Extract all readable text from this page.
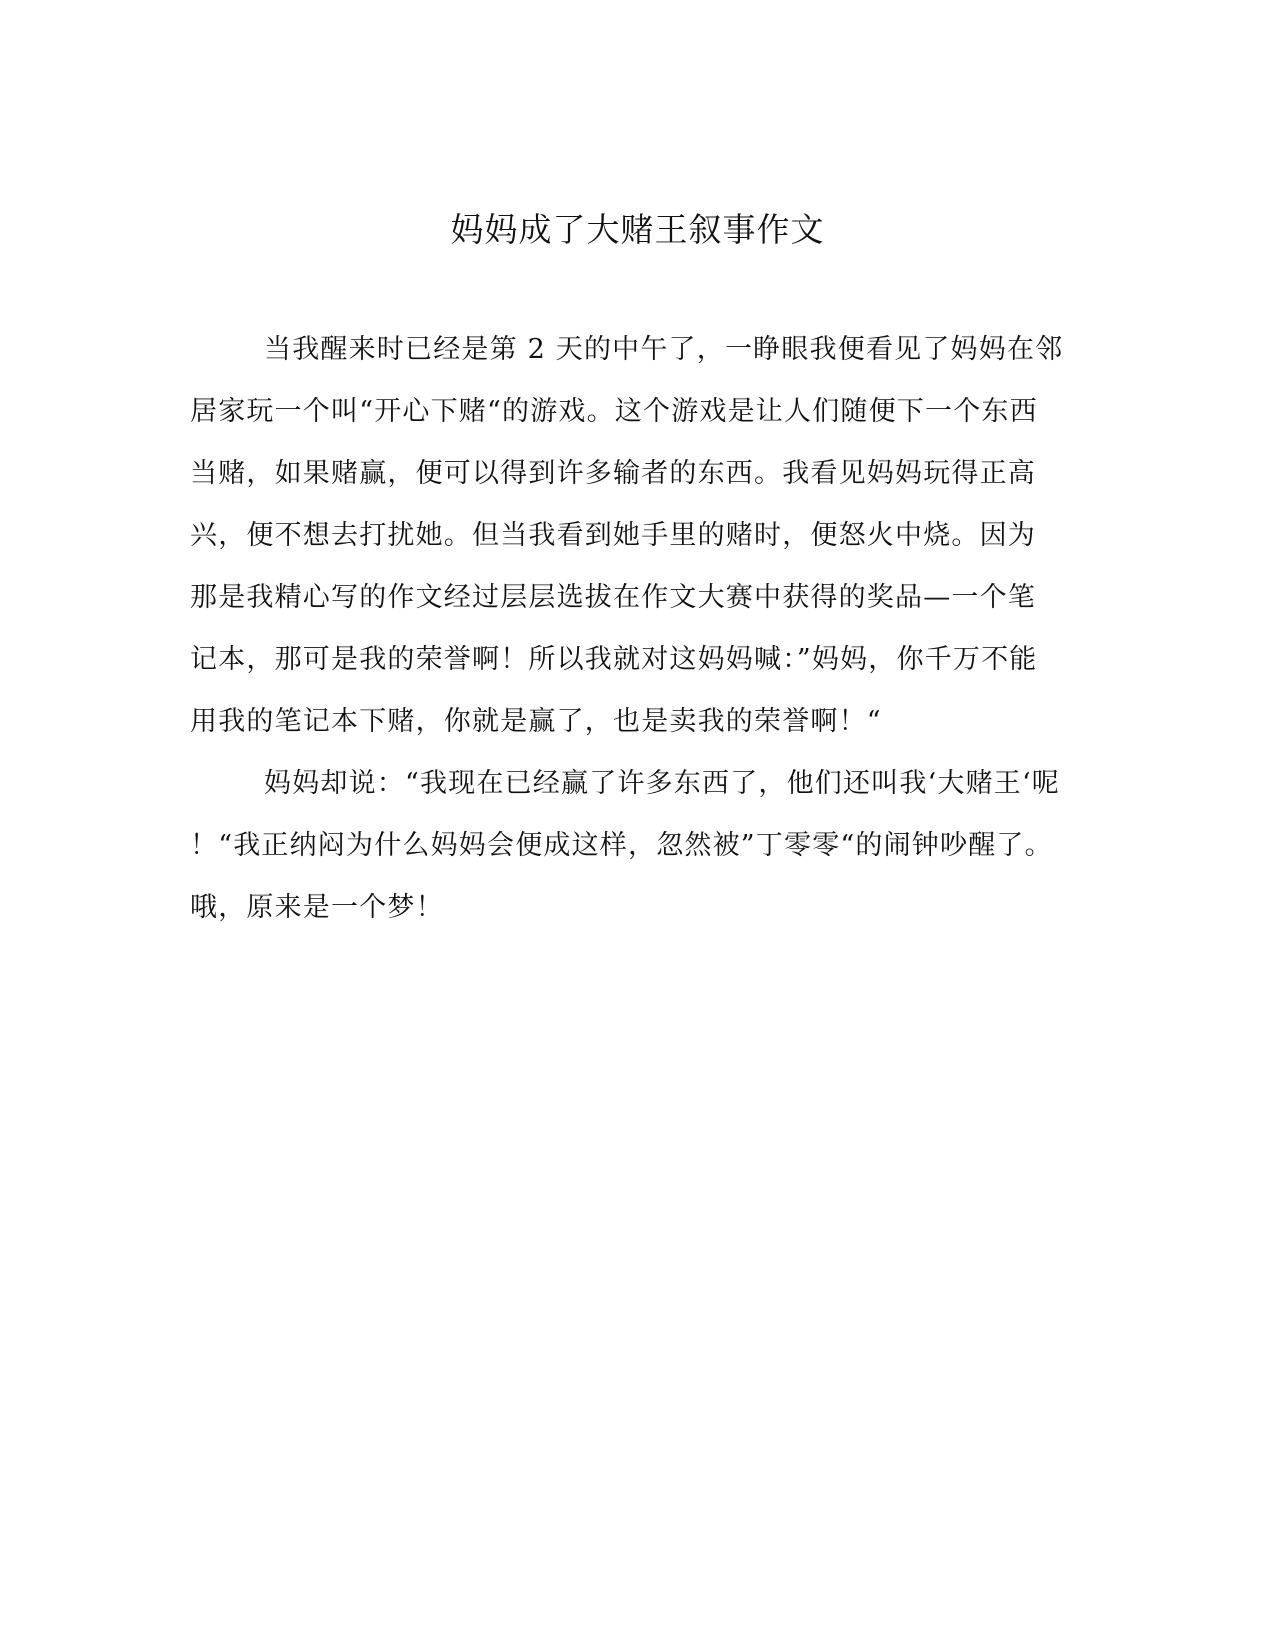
妈妈成了大赌王叙事作文
当我醒来时已经是第 2 天的中午了，一睁眼我便看见了妈妈在邻
居家玩一个叫“开心下赌“的游戏。这个游戏是让人们随便下一个东西
当赌，如果赌赢，便可以得到许多输者的东西。我看见妈妈玩得正高
兴，便不想去打扰她。但当我看到她手里的赌时，便怒火中烧。因为
那是我精心写的作文经过层层选拔在作文大赛中获得的奖品—一个笔
记本，那可是我的荣誉啊！所以我就对这妈妈喊：”妈妈，你千万不能
用我的笔记本下赌，你就是赢了，也是卖我的荣誉啊！“
妈妈却说：“我现在已经赢了许多东西了，他们还叫我‘大赌王‘呢
！“我正纳闷为什么妈妈会便成这样，忽然被”丁零零“的闹钟吵醒了。
哦，原来是一个梦！
